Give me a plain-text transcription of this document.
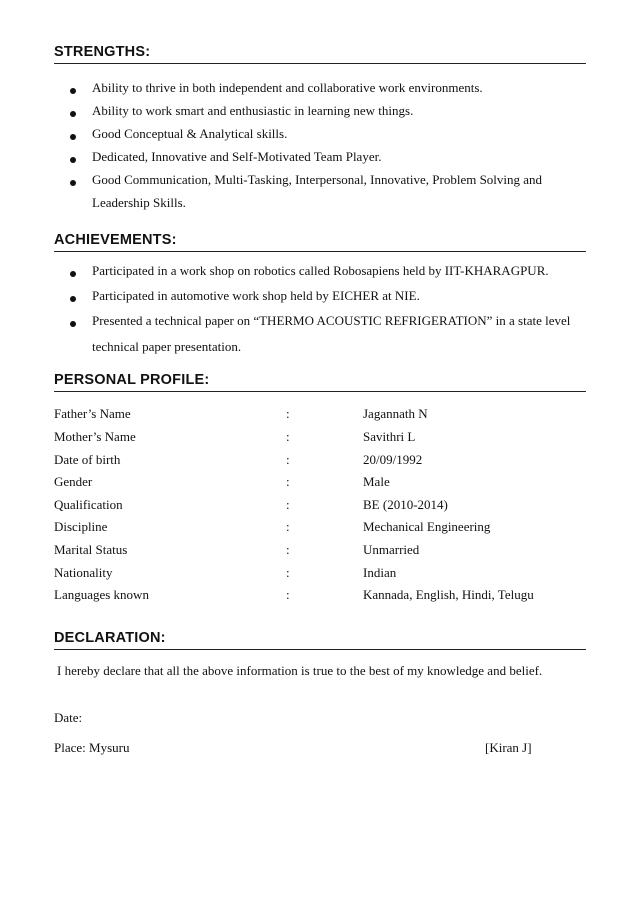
STRENGTHS:
Ability to thrive in both independent and collaborative work environments.
Ability to work smart and enthusiastic in learning new things.
Good Conceptual & Analytical skills.
Dedicated, Innovative and Self-Motivated Team Player.
Good Communication, Multi-Tasking, Interpersonal, Innovative, Problem Solving and
Leadership Skills.
ACHIEVEMENTS:
Participated in a work shop on robotics called Robosapiens held by IIT-KHARAGPUR.
Participated in automotive work shop held by EICHER at NIE.
Presented a technical paper on “THERMO ACOUSTIC REFRIGERATION” in a state level
technical paper presentation.
PERSONAL PROFILE:
Father’s Name	:	Jagannath N
Mother’s Name	:	Savithri L
Date of birth	:	20/09/1992
Gender	:	Male
Qualification	:	BE (2010-2014)
Discipline	:	Mechanical Engineering
Marital Status	:	Unmarried
Nationality	:	Indian
Languages known	:	Kannada, English, Hindi, Telugu
DECLARATION:
I hereby declare that all the above information is true to the best of my knowledge and belief.
Date:
Place: Mysuru	[Kiran J]
